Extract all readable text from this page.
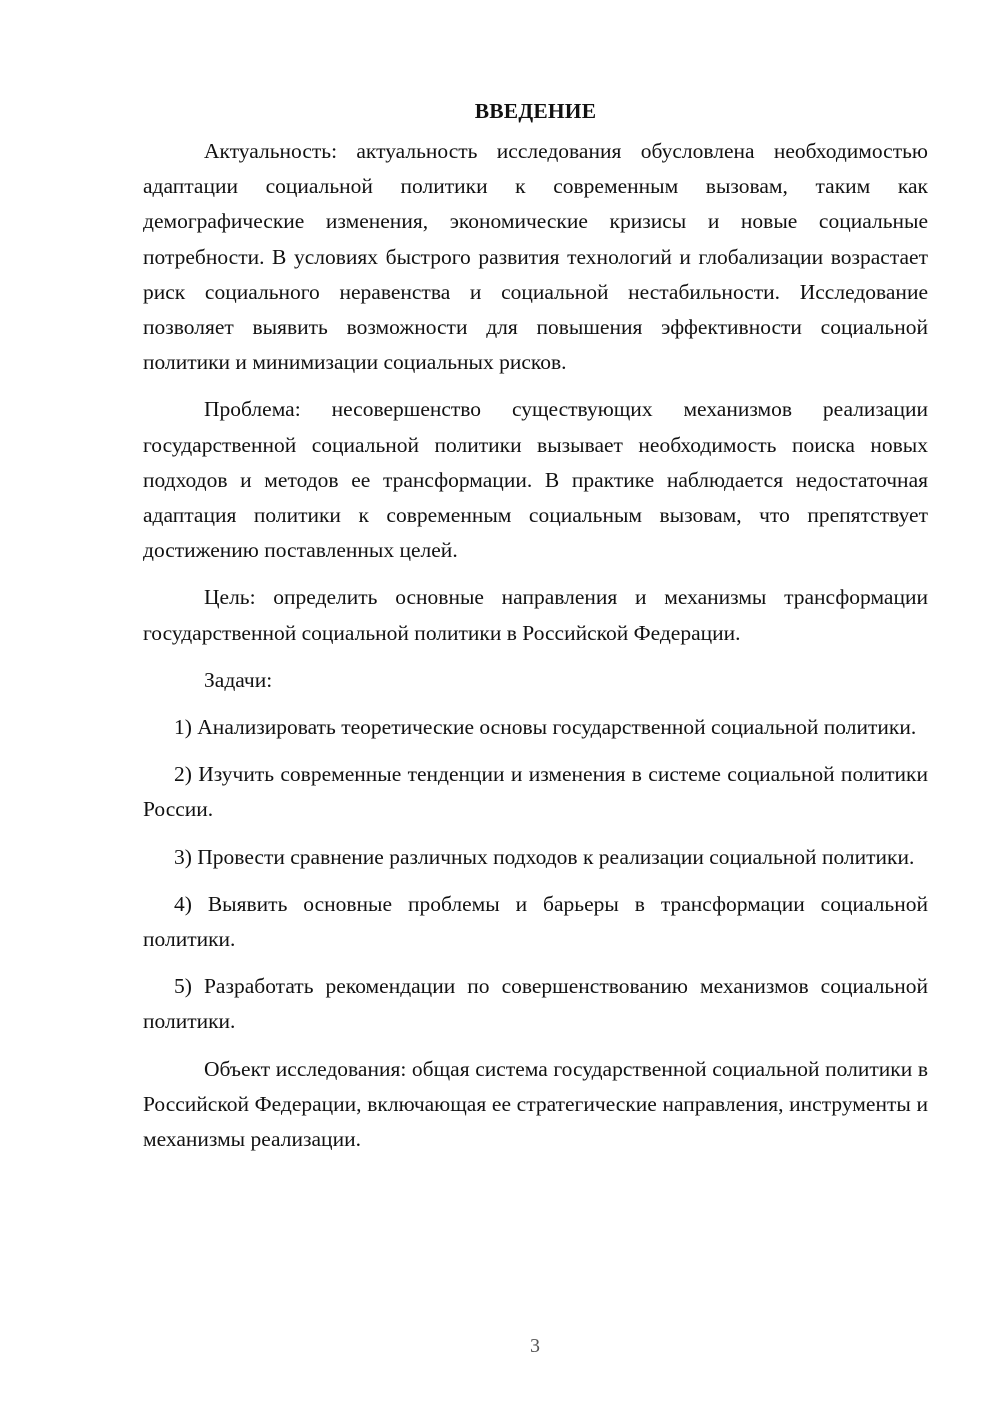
ВВЕДЕНИЕ

Актуальность: актуальность исследования обусловлена необходимостью адаптации социальной политики к современным вызовам, таким как демографические изменения, экономические кризисы и новые социальные потребности. В условиях быстрого развития технологий и глобализации возрастает риск социального неравенства и социальной нестабильности. Исследование позволяет выявить возможности для повышения эффективности социальной политики и минимизации социальных рисков.

Проблема: несовершенство существующих механизмов реализации государственной социальной политики вызывает необходимость поиска новых подходов и методов ее трансформации. В практике наблюдается недостаточная адаптация политики к современным социальным вызовам, что препятствует достижению поставленных целей.

Цель: определить основные направления и механизмы трансформации государственной социальной политики в Российской Федерации.

Задачи:

1) Анализировать теоретические основы государственной социальной политики.

2) Изучить современные тенденции и изменения в системе социальной политики России.

3) Провести сравнение различных подходов к реализации социальной политики.

4) Выявить основные проблемы и барьеры в трансформации социальной политики.

5) Разработать рекомендации по совершенствованию механизмов социальной политики.

Объект исследования: общая система государственной социальной политики в Российской Федерации, включающая ее стратегические направления, инструменты и механизмы реализации.

3
